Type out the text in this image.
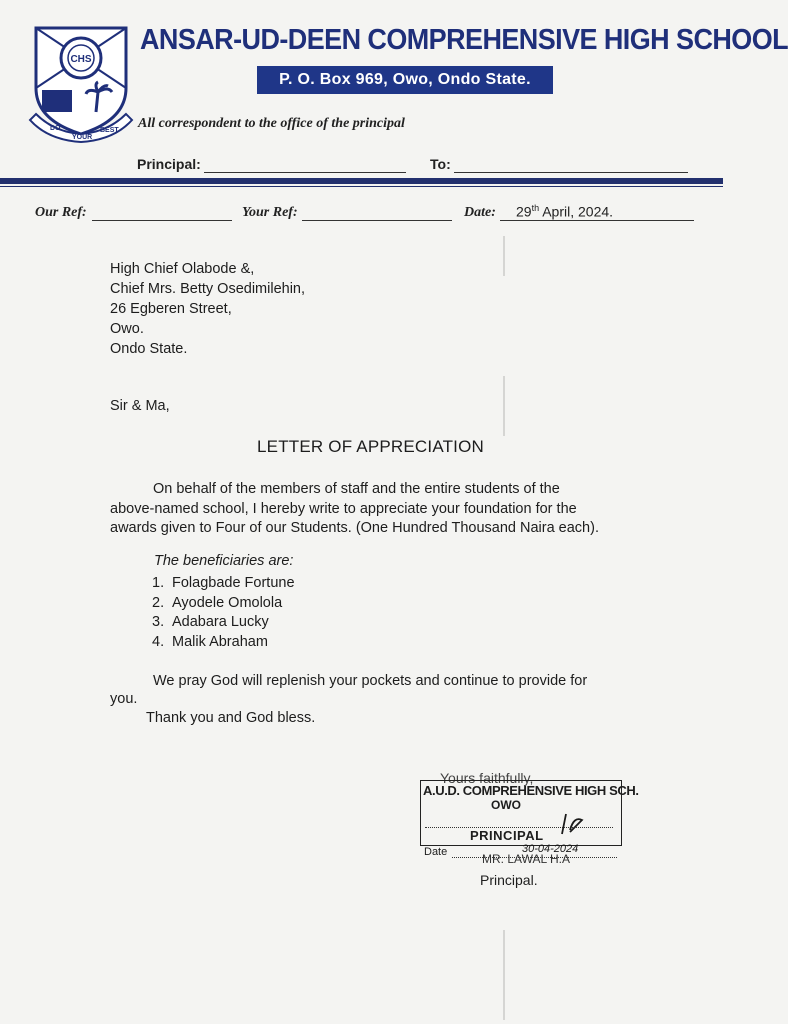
CHS
DO
YOUR
BEST
ANSAR-UD-DEEN COMPREHENSIVE HIGH SCHOOL
P. O. Box 969, Owo, Ondo State.
All correspondent to the office of the principal
Principal:	To:
Our Ref:	Your Ref:	Date: 29th April, 2024.
High Chief Olabode &,
Chief Mrs. Betty Osedimilehin,
26 Egberen Street,
Owo.
Ondo State.
Sir & Ma,
LETTER OF APPRECIATION
On behalf of the members of staff and the entire students of the
above-named school, I hereby write to appreciate your foundation for the
awards given to Four of our Students. (One Hundred Thousand Naira each).
The beneficiaries are:
1. Folagbade Fortune
2. Ayodele Omolola
3. Adabara Lucky
4. Malik Abraham
We pray God will replenish your pockets and continue to provide for
you.
Thank you and God bless.
Yours faithfully,
A.U.D. COMPREHENSIVE HIGH SCH.
OWO
PRINCIPAL
Date	MR. LAWAL H.A
30-04-2024
Principal.
